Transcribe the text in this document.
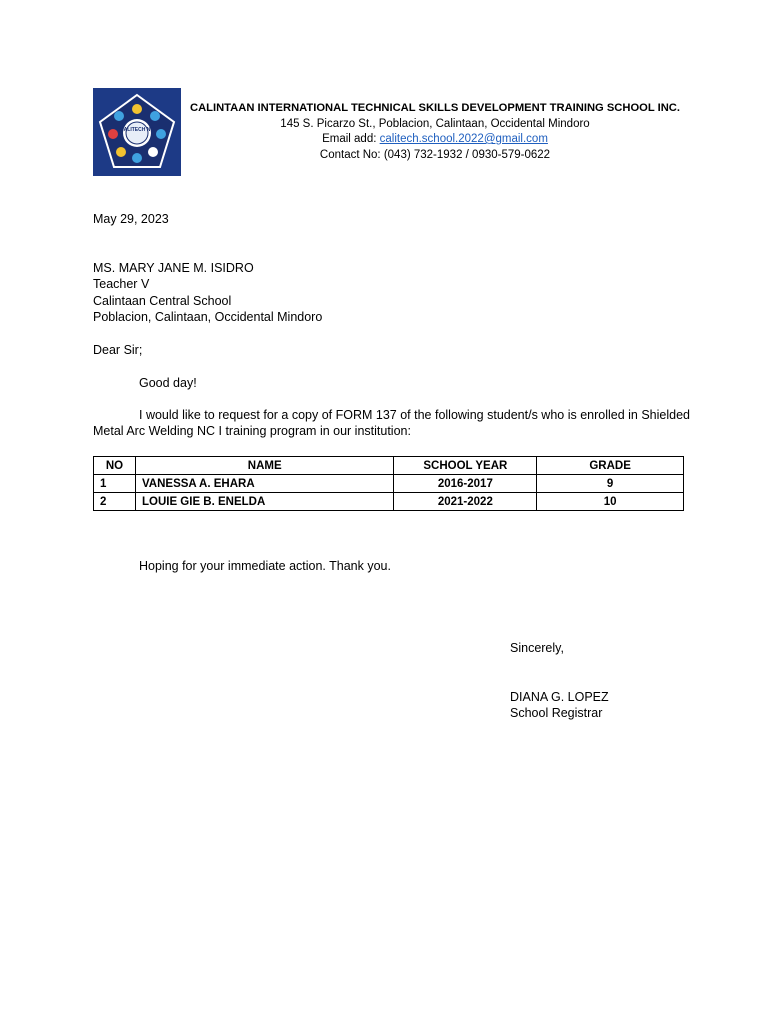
CALITECH NC
CALINTAAN INTERNATIONAL TECHNICAL SKILLS DEVELOPMENT TRAINING SCHOOL INC.
145 S. Picarzo St., Poblacion, Calintaan, Occidental Mindoro
Email add: calitech.school.2022@gmail.com
Contact No: (043) 732-1932 / 0930-579-0622
May 29, 2023
MS. MARY JANE M. ISIDRO
Teacher V
Calintaan Central School
Poblacion, Calintaan, Occidental Mindoro
Dear Sir;
Good day!
I would like to request for a copy of FORM 137 of the following student/s who is enrolled in Shielded Metal Arc Welding NC I training program in our institution:
NO	NAME	SCHOOL YEAR	GRADE
1	VANESSA A. EHARA	2016-2017	9
2	LOUIE GIE B. ENELDA	2021-2022	10
Hoping for your immediate action. Thank you.
Sincerely,
DIANA G. LOPEZ
School Registrar
